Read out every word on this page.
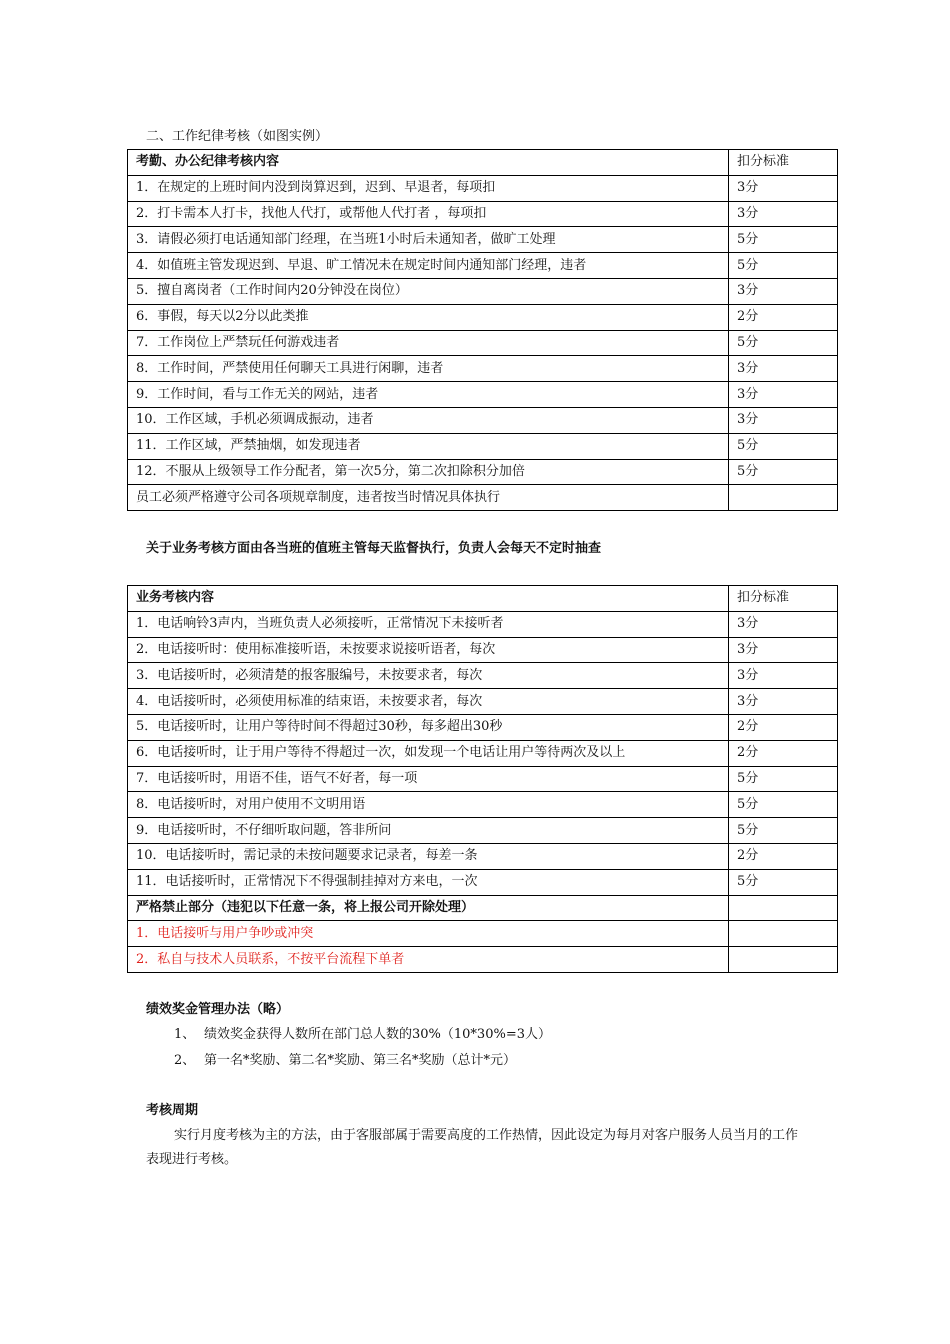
二、工作纪律考核（如图实例）
考勤、办公纪律考核内容	扣分标准
1．在规定的上班时间内没到岗算迟到，迟到、早退者，每项扣	3分
2．打卡需本人打卡，找他人代打，或帮他人代打者 ，每项扣	3分
3．请假必须打电话通知部门经理，在当班1小时后未通知者，做旷工处理	5分
4．如值班主管发现迟到、早退、旷工情况未在规定时间内通知部门经理，违者	5分
5．擅自离岗者（工作时间内20分钟没在岗位）	3分
6．事假，每天以2分以此类推	2分
7．工作岗位上严禁玩任何游戏违者	5分
8．工作时间，严禁使用任何聊天工具进行闲聊，违者	3分
9．工作时间，看与工作无关的网站，违者	3分
10．工作区域，手机必须调成振动，违者	3分
11．工作区域，严禁抽烟，如发现违者	5分
12．不服从上级领导工作分配者，第一次5分，第二次扣除积分加倍	5分
员工必须严格遵守公司各项规章制度，违者按当时情况具体执行	
关于业务考核方面由各当班的值班主管每天监督执行，负责人会每天不定时抽查
业务考核内容	扣分标准
1．电话响铃3声内，当班负责人必须接听，正常情况下未接听者	3分
2．电话接听时：使用标准接听语，未按要求说接听语者，每次	3分
3．电话接听时，必须清楚的报客服编号，未按要求者，每次	3分
4．电话接听时，必须使用标准的结束语，未按要求者，每次	3分
5．电话接听时，让用户等待时间不得超过30秒，每多超出30秒	2分
6．电话接听时，让于用户等待不得超过一次，如发现一个电话让用户等待两次及以上	2分
7．电话接听时，用语不佳，语气不好者，每一项	5分
8．电话接听时，对用户使用不文明用语	5分
9．电话接听时，不仔细听取问题，答非所问	5分
10．电话接听时，需记录的未按问题要求记录者，每差一条	2分
11．电话接听时，正常情况下不得强制挂掉对方来电，一次	5分
严格禁止部分（违犯以下任意一条，将上报公司开除处理）	
1．电话接听与用户争吵或冲突	
2．私自与技术人员联系，不按平台流程下单者	
绩效奖金管理办法（略）
1、 绩效奖金获得人数所在部门总人数的30%（10*30%=3人）
2、 第一名*奖励、第二名*奖励、第三名*奖励（总计*元）
考核周期
实行月度考核为主的方法，由于客服部属于需要高度的工作热情，因此设定为每月对客户服务人员当月的工作表现进行考核。
